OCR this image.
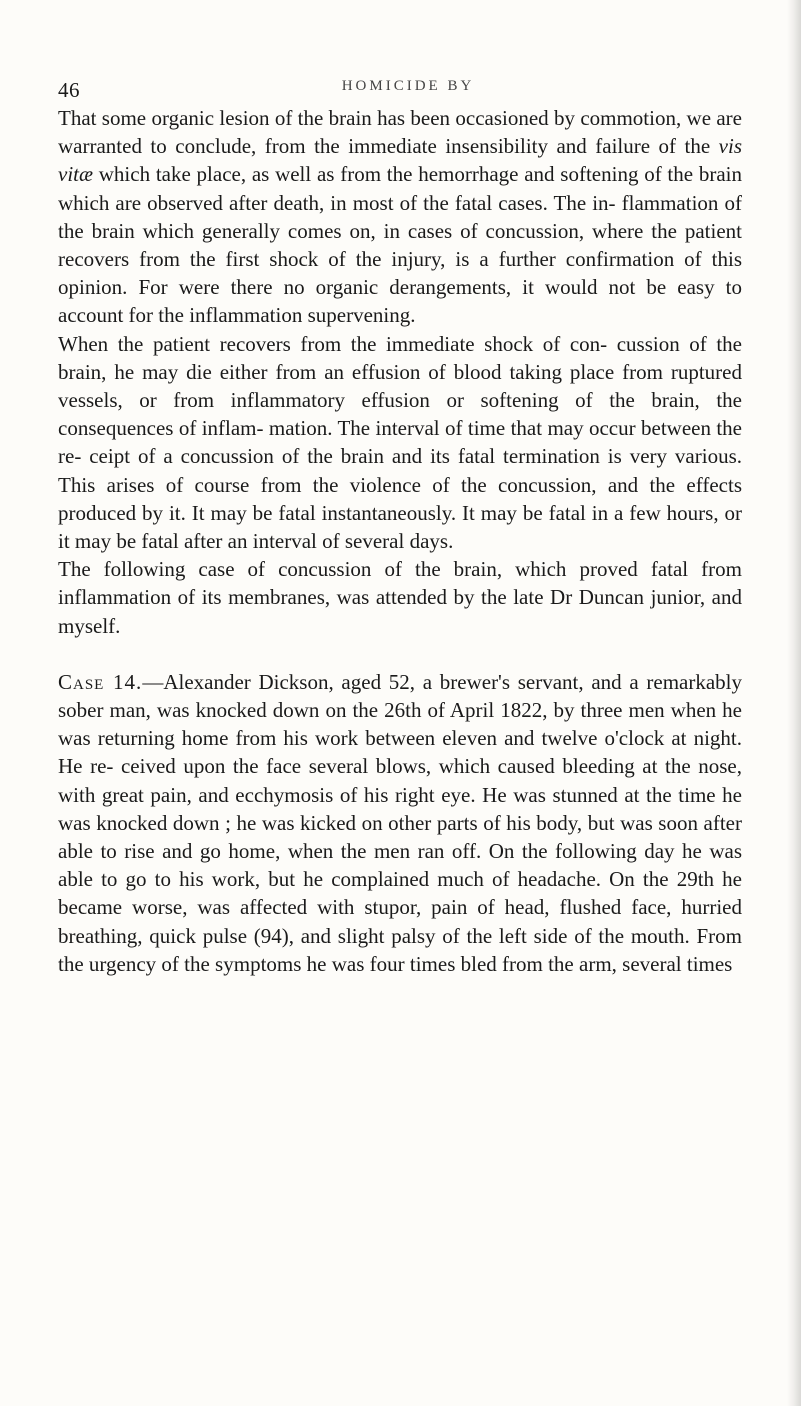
46	HOMICIDE BY

That some organic lesion of the brain has been occasioned by commotion, we are warranted to conclude, from the immediate insensibility and failure of the vis vitæ which take place, as well as from the hemorrhage and softening of the brain which are observed after death, in most of the fatal cases. The in- flammation of the brain which generally comes on, in cases of concussion, where the patient recovers from the first shock of the injury, is a further confirmation of this opinion. For were there no organic derangements, it would not be easy to account for the inflammation supervening.

When the patient recovers from the immediate shock of con- cussion of the brain, he may die either from an effusion of blood taking place from ruptured vessels, or from inflammatory effusion or softening of the brain, the consequences of inflam- mation. The interval of time that may occur between the re- ceipt of a concussion of the brain and its fatal termination is very various. This arises of course from the violence of the concussion, and the effects produced by it. It may be fatal instantaneously. It may be fatal in a few hours, or it may be fatal after an interval of several days.

The following case of concussion of the brain, which proved fatal from inflammation of its membranes, was attended by the late Dr Duncan junior, and myself.

Case 14.—Alexander Dickson, aged 52, a brewer's servant, and a remarkably sober man, was knocked down on the 26th of April 1822, by three men when he was returning home from his work between eleven and twelve o'clock at night. He re- ceived upon the face several blows, which caused bleeding at the nose, with great pain, and ecchymosis of his right eye. He was stunned at the time he was knocked down ; he was kicked on other parts of his body, but was soon after able to rise and go home, when the men ran off. On the following day he was able to go to his work, but he complained much of headache. On the 29th he became worse, was affected with stupor, pain of head, flushed face, hurried breathing, quick pulse (94), and slight palsy of the left side of the mouth. From the urgency of the symptoms he was four times bled from the arm, several times
